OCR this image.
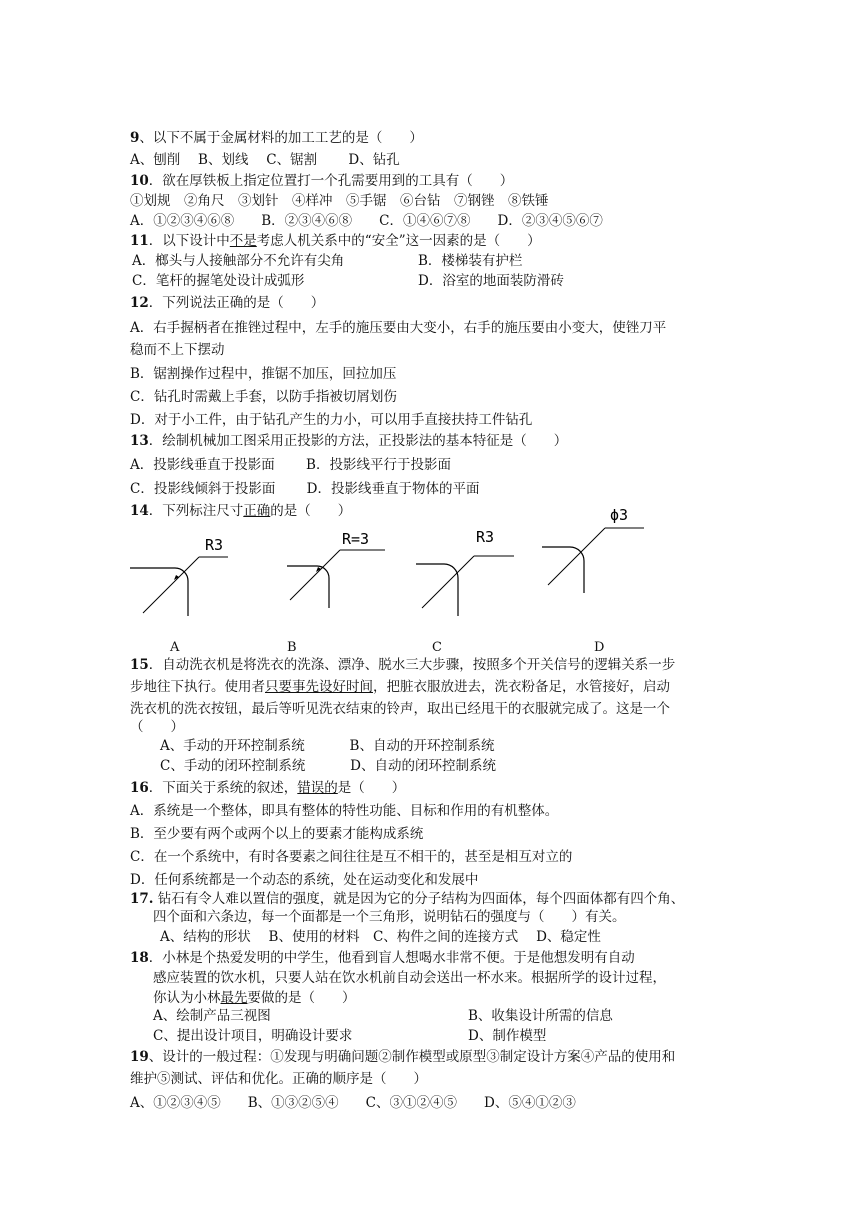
9、以下不属于金属材料的加工工艺的是（　　）
A、刨削　 B、划线　 C、锯割　　 D、钻孔
10．欲在厚铁板上指定位置打一个孔需要用到的工具有（　　）
①划规　②角尺　③划针　④样冲　⑤手锯　⑥台钻　⑦钢锉　⑧铁锤
A．①②③④⑥⑧　　B．②③④⑥⑧　　C．①④⑥⑦⑧　　D．②③④⑤⑥⑦
11．以下设计中不是考虑人机关系中的“安全”这一因素的是（　　）
A．榔头与人接触部分不允许有尖角	B．楼梯装有护栏
C．笔杆的握笔处设计成弧形	D．浴室的地面装防滑砖
12．下列说法正确的是（　　）
A．右手握柄者在推锉过程中，左手的施压要由大变小，右手的施压要由小变大，使锉刀平
稳而不上下摆动
B．锯割操作过程中，推锯不加压，回拉加压
C．钻孔时需戴上手套，以防手指被切屑划伤
D．对于小工件，由于钻孔产生的力小，可以用手直接扶持工件钻孔
13．绘制机械加工图采用正投影的方法，正投影法的基本特征是（　　）
A．投影线垂直于投影面　　 B．投影线平行于投影面
C．投影线倾斜于投影面　　 D．投影线垂直于物体的平面
14．下列标注尺寸正确的是（　　）
R3	R=3	R3
ϕ3
A	B	C	D
15．自动洗衣机是将洗衣的洗涤、漂净、脱水三大步骤，按照多个开关信号的逻辑关系一步
步地往下执行。使用者只要事先设好时间，把脏衣服放进去，洗衣粉备足，水管接好，启动
洗衣机的洗衣按钮，最后等听见洗衣结束的铃声，取出已经甩干的衣服就完成了。这是一个
（　　）
A、手动的开环控制系统　　　 B、自动的开环控制系统
C、手动的闭环控制系统　　　 D、自动的闭环控制系统
16．下面关于系统的叙述，错误的是（　　）
A．系统是一个整体，即具有整体的特性功能、目标和作用的有机整体。
B．至少要有两个或两个以上的要素才能构成系统
C．在一个系统中，有时各要素之间往往是互不相干的，甚至是相互对立的
D．任何系统都是一个动态的系统，处在运动变化和发展中
17. 钻石有令人难以置信的强度，就是因为它的分子结构为四面体，每个四面体都有四个角、
四个面和六条边，每一个面都是一个三角形，说明钻石的强度与（　　）有关。
A、结构的形状　 B、使用的材料　C、构件之间的连接方式　 D、稳定性
18．小林是个热爱发明的中学生，他看到盲人想喝水非常不便。于是他想发明有自动
感应装置的饮水机，只要人站在饮水机前自动会送出一杯水来。根据所学的设计过程，
你认为小林最先要做的是（　　）
A、绘制产品三视图	B、收集设计所需的信息
C、提出设计项目，明确设计要求	D、制作模型
19、设计的一般过程：①发现与明确问题②制作模型或原型③制定设计方案④产品的使用和
维护⑤测试、评估和优化。正确的顺序是（　　）
A、①②③④⑤　　B、①③②⑤④　　C、③①②④⑤　　D、⑤④①②③
